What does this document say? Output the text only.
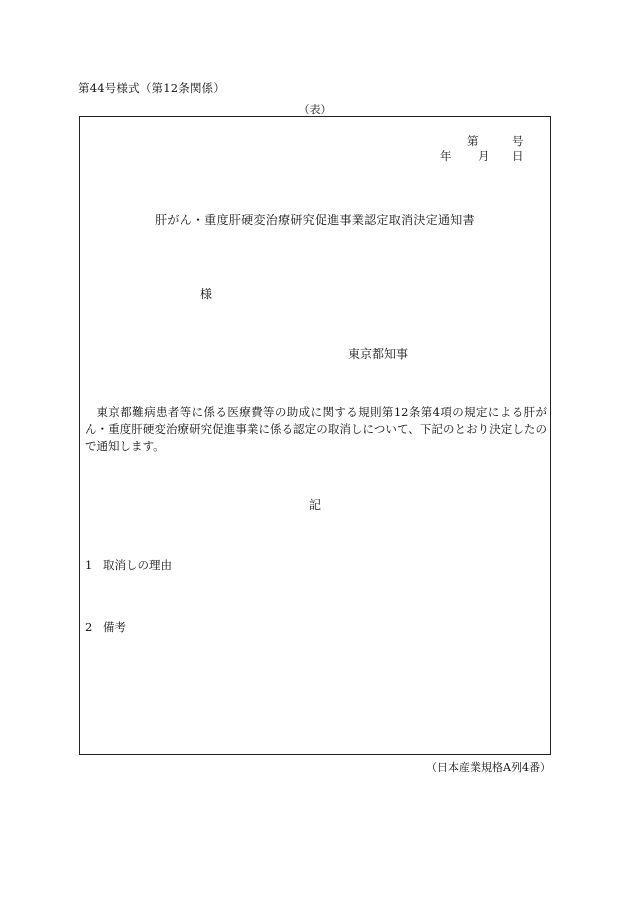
第44号様式（第12条関係）
（表）
第	号
年 月 日
肝がん・重度肝硬変治療研究促進事業認定取消決定通知書
様
東京都知事
東京都難病患者等に係る医療費等の助成に関する規則第12条第4項の規定による肝がん・重度肝硬変治療研究促進事業に係る認定の取消しについて、下記のとおり決定したので通知します。
記
1 取消しの理由
2 備考
（日本産業規格A列4番）
